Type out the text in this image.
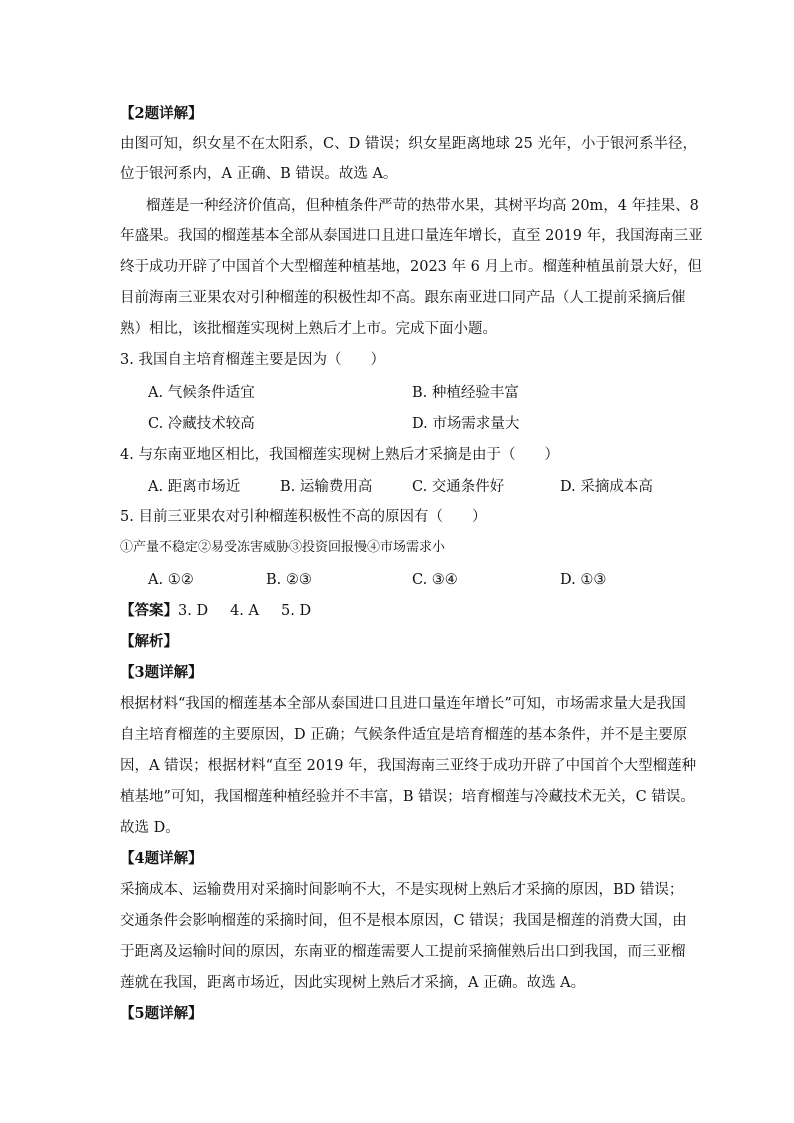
【2题详解】
由图可知，织女星不在太阳系，C、D 错误；织女星距离地球 25 光年，小于银河系半径，
位于银河系内，A 正确、B 错误。故选 A。
榴莲是一种经济价值高，但种植条件严苛的热带水果，其树平均高 20m，4 年挂果、8
年盛果。我国的榴莲基本全部从泰国进口且进口量连年增长，直至 2019 年，我国海南三亚
终于成功开辟了中国首个大型榴莲种植基地，2023 年 6 月上市。榴莲种植虽前景大好，但
目前海南三亚果农对引种榴莲的积极性却不高。跟东南亚进口同产品（人工提前采摘后催
熟）相比，该批榴莲实现树上熟后才上市。完成下面小题。
3. 我国自主培育榴莲主要是因为（　　）
A. 气候条件适宜	B. 种植经验丰富
C. 冷藏技术较高	D. 市场需求量大
4. 与东南亚地区相比，我国榴莲实现树上熟后才采摘是由于（　　）
A. 距离市场近	B. 运输费用高	C. 交通条件好	D. 采摘成本高
5. 目前三亚果农对引种榴莲积极性不高的原因有（　　）
①产量不稳定②易受冻害威胁③投资回报慢④市场需求小
A. ①②	B. ②③	C. ③④	D. ①③
【答案】3. D 4. A 5. D
【解析】
【3题详解】
根据材料“我国的榴莲基本全部从泰国进口且进口量连年增长”可知，市场需求量大是我国
自主培育榴莲的主要原因，D 正确；气候条件适宜是培育榴莲的基本条件，并不是主要原
因，A 错误；根据材料“直至 2019 年，我国海南三亚终于成功开辟了中国首个大型榴莲种
植基地”可知，我国榴莲种植经验并不丰富，B 错误；培育榴莲与冷藏技术无关，C 错误。
故选 D。
【4题详解】
采摘成本、运输费用对采摘时间影响不大，不是实现树上熟后才采摘的原因，BD 错误；
交通条件会影响榴莲的采摘时间，但不是根本原因，C 错误；我国是榴莲的消费大国，由
于距离及运输时间的原因，东南亚的榴莲需要人工提前采摘催熟后出口到我国，而三亚榴
莲就在我国，距离市场近，因此实现树上熟后才采摘，A 正确。故选 A。
【5题详解】
